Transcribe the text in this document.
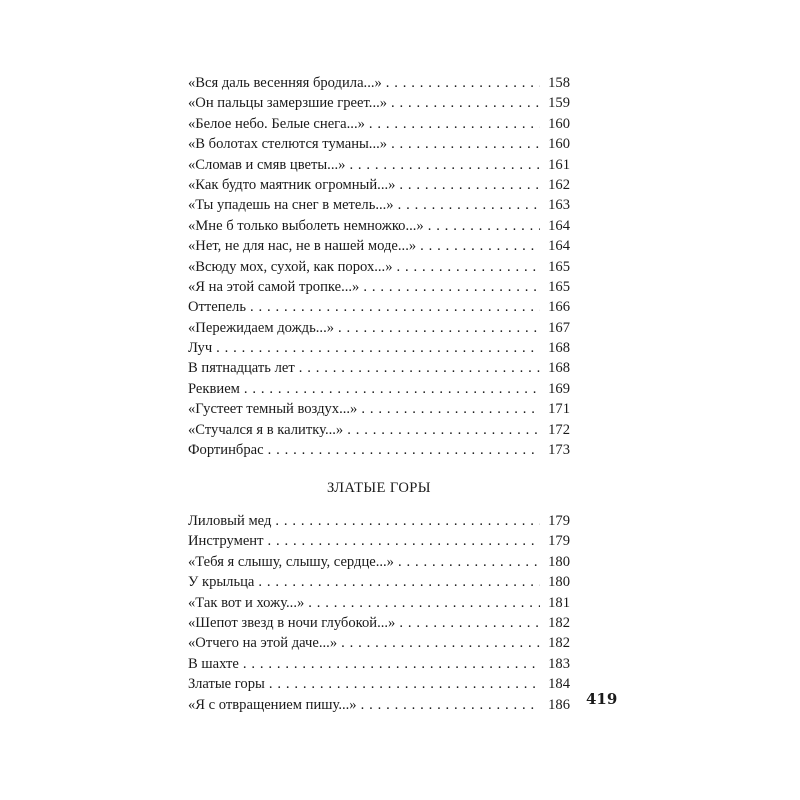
«Вся даль весенняя бродила...» . . .	158
«Он пальцы замерзшие греет...» . . .	159
«Белое небо. Белые снега...» . . .	160
«В болотах стелются туманы...» . . .	160
«Сломав и смяв цветы...» . . .	161
«Как будто маятник огромный...» . . .	162
«Ты упадешь на снег в метель...» . . .	163
«Мне б только выболеть немножко...» . . .	164
«Нет, не для нас, не в нашей моде...» . . .	164
«Всюду мох, сухой, как порох...» . . .	165
«Я на этой самой тропке...» . . .	165
Оттепель . . .	166
«Пережидаем дождь...» . . .	167
Луч . . .	168
В пятнадцать лет . . .	168
Реквием . . .	169
«Густеет темный воздух...» . . .	171
«Стучался я в калитку...» . . .	172
Фортинбрас . . .	173
ЗЛАТЫЕ ГОРЫ
Лиловый мед . . .	179
Инструмент . . .	179
«Тебя я слышу, слышу, сердце...» . . .	180
У крыльца . . .	180
«Так вот и хожу...» . . .	181
«Шепот звезд в ночи глубокой...» . . .	182
«Отчего на этой даче...» . . .	182
В шахте . . .	183
Златые горы . . .	184
«Я с отвращением пишу...» . . .	186 419
